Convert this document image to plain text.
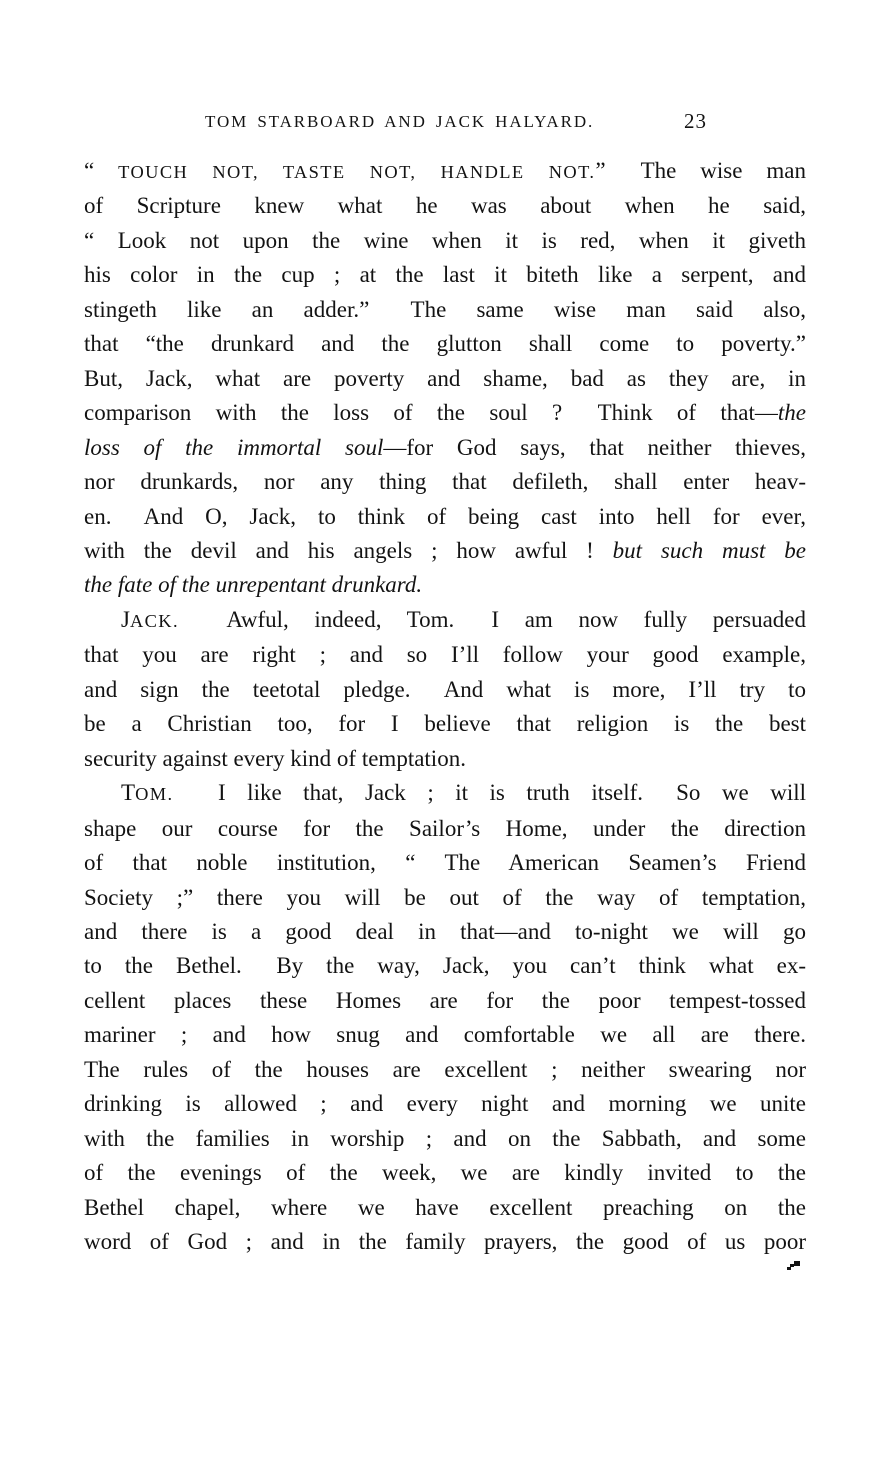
TOM STARBOARD AND JACK HALYARD.	23
“ TOUCH NOT, TASTE NOT, HANDLE NOT.”  The wise man
of Scripture knew what he was about when he said,
“ Look not upon the wine when it is red, when it giveth
his color in the cup ; at the last it biteth like a serpent, and
stingeth like an adder.”  The same wise man said also,
that “the drunkard and the glutton shall come to poverty.”
But, Jack, what are poverty and shame, bad as they are, in
comparison with the loss of the soul ?  Think of that—the
loss of the immortal soul—for God says, that neither thieves,
nor drunkards, nor any thing that defileth, shall enter heav-
en.  And O, Jack, to think of being cast into hell for ever,
with the devil and his angels ; how awful ! but such must be
the fate of the unrepentant drunkard.
JACK.  Awful, indeed, Tom.  I am now fully persuaded
that you are right ; and so I’ll follow your good example,
and sign the teetotal pledge.  And what is more, I’ll try to
be a Christian too, for I believe that religion is the best
security against every kind of temptation.
TOM.  I like that, Jack ; it is truth itself.  So we will
shape our course for the Sailor’s Home, under the direction
of that noble institution, “ The American Seamen’s Friend
Society ;” there you will be out of the way of temptation,
and there is a good deal in that—and to-night we will go
to the Bethel.  By the way, Jack, you can’t think what ex-
cellent places these Homes are for the poor tempest-tossed
mariner ; and how snug and comfortable we all are there.
The rules of the houses are excellent ; neither swearing nor
drinking is allowed ; and every night and morning we unite
with the families in worship ; and on the Sabbath, and some
of the evenings of the week, we are kindly invited to the
Bethel chapel, where we have excellent preaching on the
word of God ; and in the family prayers, the good of us poor
